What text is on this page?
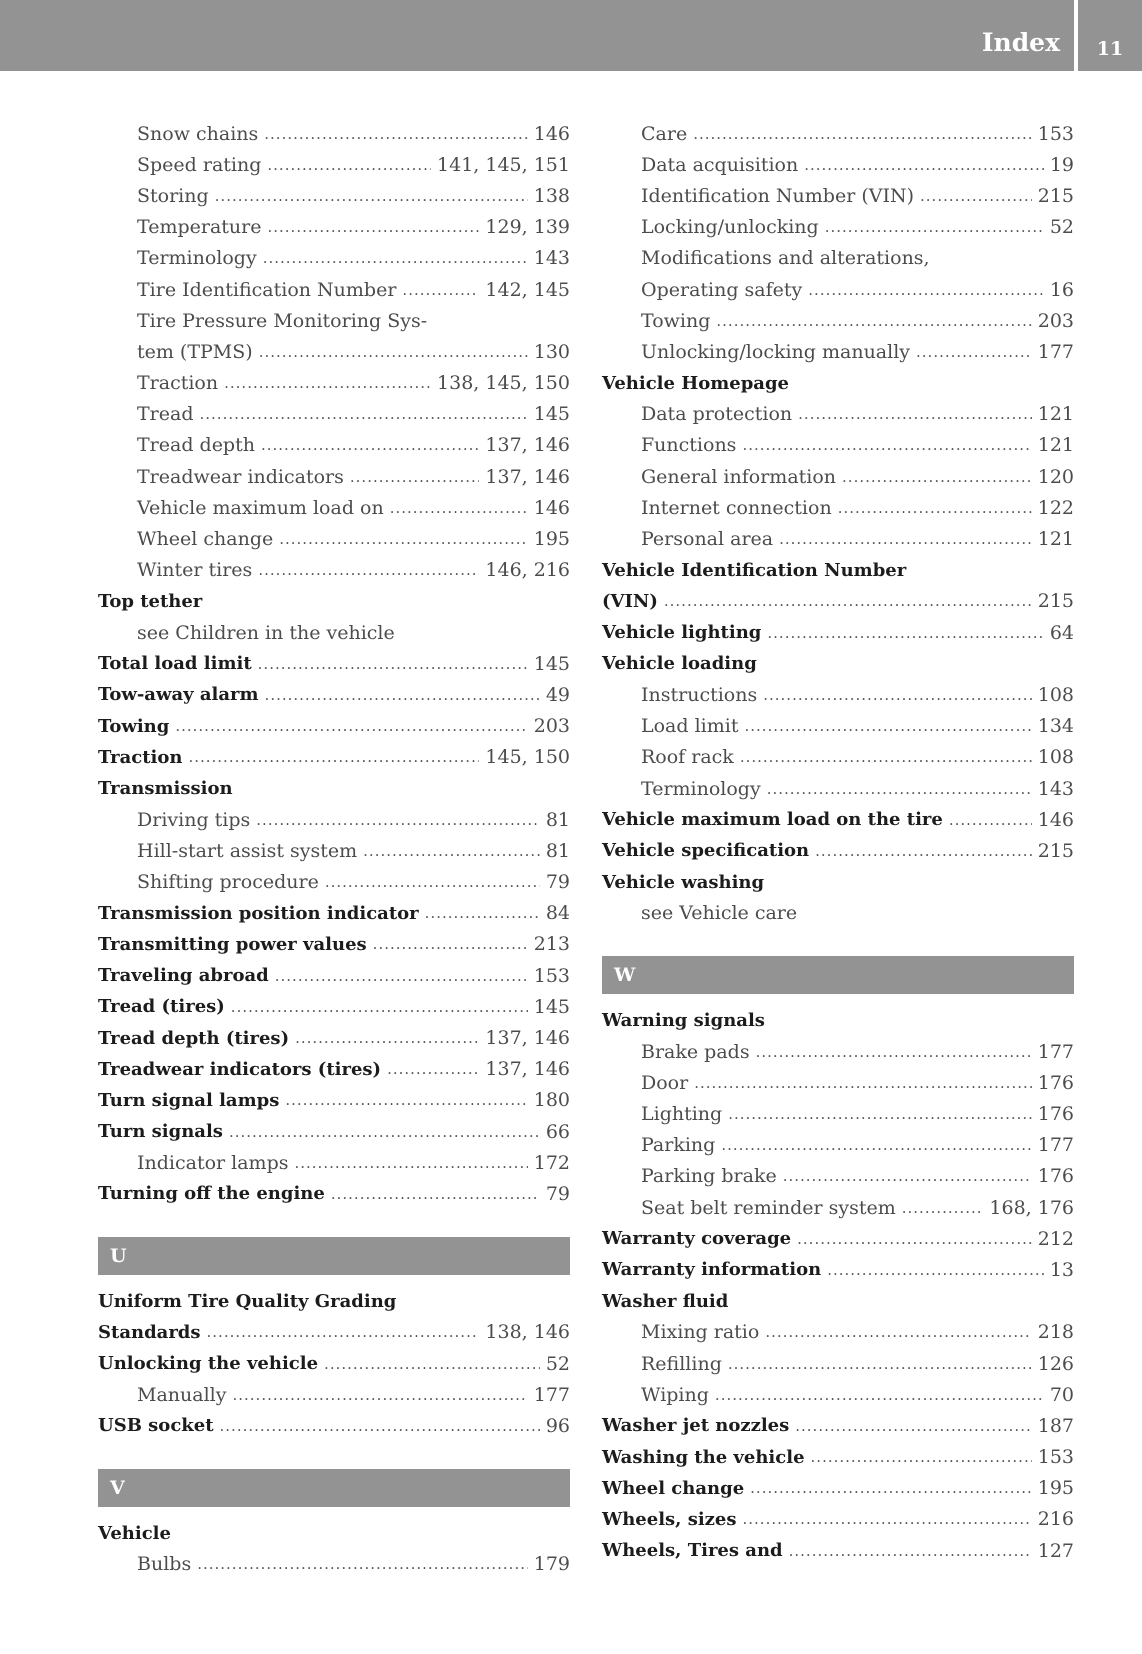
Index	11
Snow chains .....	146
Speed rating .....	141, 145, 151
Storing .....	138
Temperature .....	129, 139
Terminology .....	143
Tire Identification Number .....	142, 145
Tire Pressure Monitoring Sys-
tem (TPMS) .....	130
Traction .....	138, 145, 150
Tread .....	145
Tread depth .....	137, 146
Treadwear indicators .....	137, 146
Vehicle maximum load on .....	146
Wheel change .....	195
Winter tires .....	146, 216
Top tether
see Children in the vehicle
Total load limit .....	145
Tow-away alarm .....	49
Towing .....	203
Traction .....	145, 150
Transmission
Driving tips .....	81
Hill-start assist system .....	81
Shifting procedure .....	79
Transmission position indicator .....	84
Transmitting power values .....	213
Traveling abroad .....	153
Tread (tires) .....	145
Tread depth (tires) .....	137, 146
Treadwear indicators (tires) .....	137, 146
Turn signal lamps .....	180
Turn signals .....	66
Indicator lamps .....	172
Turning off the engine .....	79
U
Uniform Tire Quality Grading
Standards .....	138, 146
Unlocking the vehicle .....	52
Manually .....	177
USB socket .....	96
V
Vehicle
Bulbs .....	179
Care .....	153
Data acquisition .....	19
Identification Number (VIN) .....	215
Locking/unlocking .....	52
Modifications and alterations,
Operating safety .....	16
Towing .....	203
Unlocking/locking manually .....	177
Vehicle Homepage
Data protection .....	121
Functions .....	121
General information .....	120
Internet connection .....	122
Personal area .....	121
Vehicle Identification Number
(VIN) .....	215
Vehicle lighting .....	64
Vehicle loading
Instructions .....	108
Load limit .....	134
Roof rack .....	108
Terminology .....	143
Vehicle maximum load on the tire .....	146
Vehicle specification .....	215
Vehicle washing
see Vehicle care
W
Warning signals
Brake pads .....	177
Door .....	176
Lighting .....	176
Parking .....	177
Parking brake .....	176
Seat belt reminder system .....	168, 176
Warranty coverage .....	212
Warranty information .....	13
Washer fluid
Mixing ratio .....	218
Refilling .....	126
Wiping .....	70
Washer jet nozzles .....	187
Washing the vehicle .....	153
Wheel change .....	195
Wheels, sizes .....	216
Wheels, Tires and .....	127
